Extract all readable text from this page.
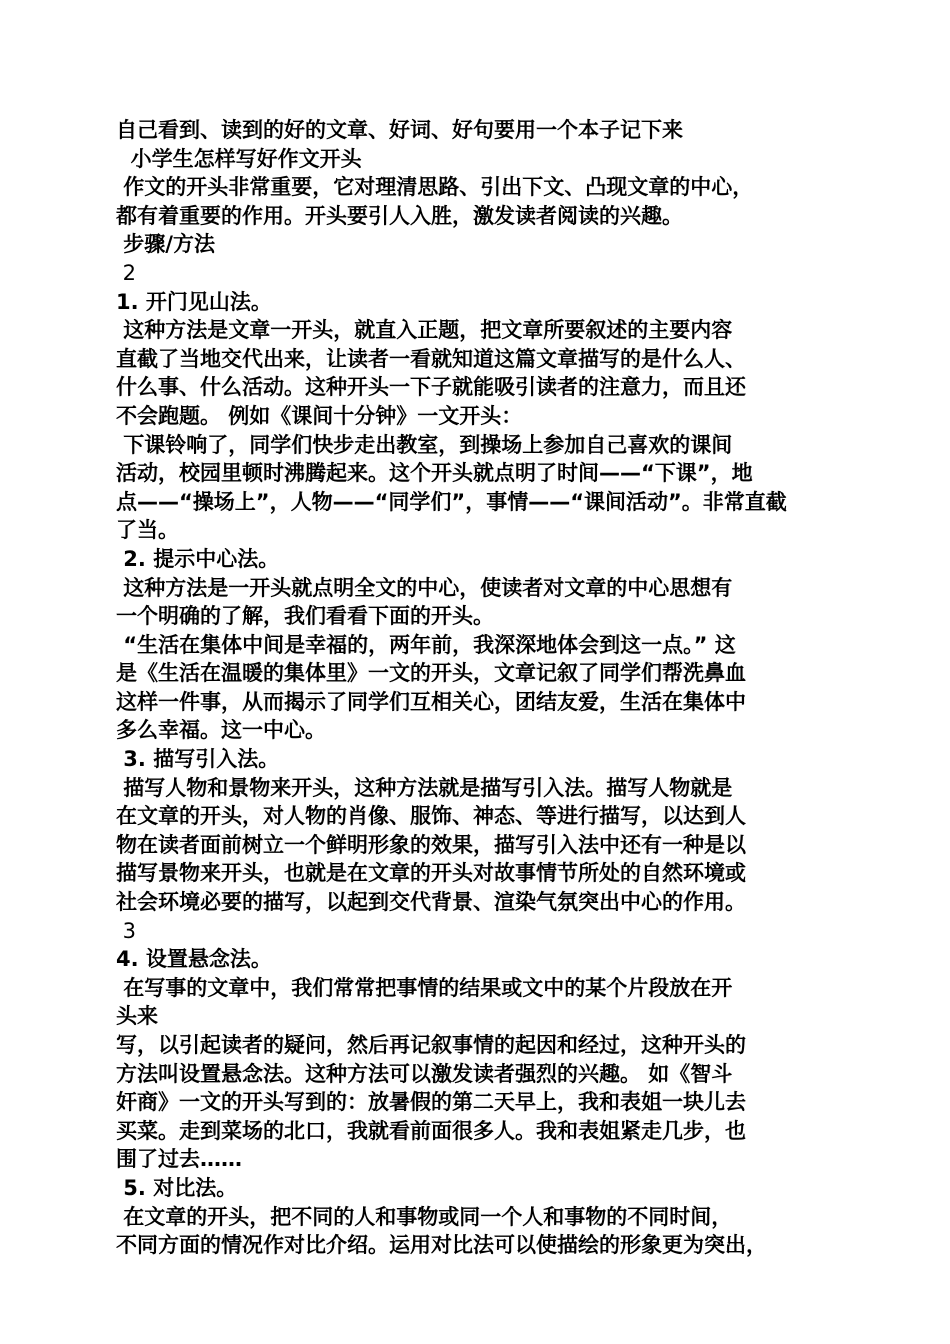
自己看到、读到的好的文章、好词、好句要用一个本子记下来
小学生怎样写好作文开头
作文的开头非常重要，它对理清思路、引出下文、凸现文章的中心，
都有着重要的作用。开头要引人入胜，激发读者阅读的兴趣。
步骤/方法
2
1. 开门见山法。
这种方法是文章一开头，就直入正题，把文章所要叙述的主要内容
直截了当地交代出来，让读者一看就知道这篇文章描写的是什么人、
什么事、什么活动。这种开头一下子就能吸引读者的注意力，而且还
不会跑题。 例如《课间十分钟》一文开头：
下课铃响了，同学们快步走出教室，到操场上参加自己喜欢的课间
活动，校园里顿时沸腾起来。这个开头就点明了时间——“下课”，地
点——“操场上”，人物——“同学们”，事情——“课间活动”。非常直截
了当。
2. 提示中心法。
这种方法是一开头就点明全文的中心，使读者对文章的中心思想有
一个明确的了解，我们看看下面的开头。
“生活在集体中间是幸福的，两年前，我深深地体会到这一点。” 这
是《生活在温暖的集体里》一文的开头，文章记叙了同学们帮洗鼻血
这样一件事，从而揭示了同学们互相关心，团结友爱，生活在集体中
多么幸福。这一中心。
3. 描写引入法。
描写人物和景物来开头，这种方法就是描写引入法。描写人物就是
在文章的开头，对人物的肖像、服饰、神态、等进行描写，以达到人
物在读者面前树立一个鲜明形象的效果，描写引入法中还有一种是以
描写景物来开头，也就是在文章的开头对故事情节所处的自然环境或
社会环境必要的描写，以起到交代背景、渲染气氛突出中心的作用。
3
4. 设置悬念法。
在写事的文章中，我们常常把事情的结果或文中的某个片段放在开
头来
写，以引起读者的疑问，然后再记叙事情的起因和经过，这种开头的
方法叫设置悬念法。这种方法可以激发读者强烈的兴趣。 如《智斗
奸商》一文的开头写到的：放暑假的第二天早上，我和表姐一块儿去
买菜。走到菜场的北口，我就看前面很多人。我和表姐紧走几步，也
围了过去……
5. 对比法。
在文章的开头，把不同的人和事物或同一个人和事物的不同时间，
不同方面的情况作对比介绍。运用对比法可以使描绘的形象更为突出，
